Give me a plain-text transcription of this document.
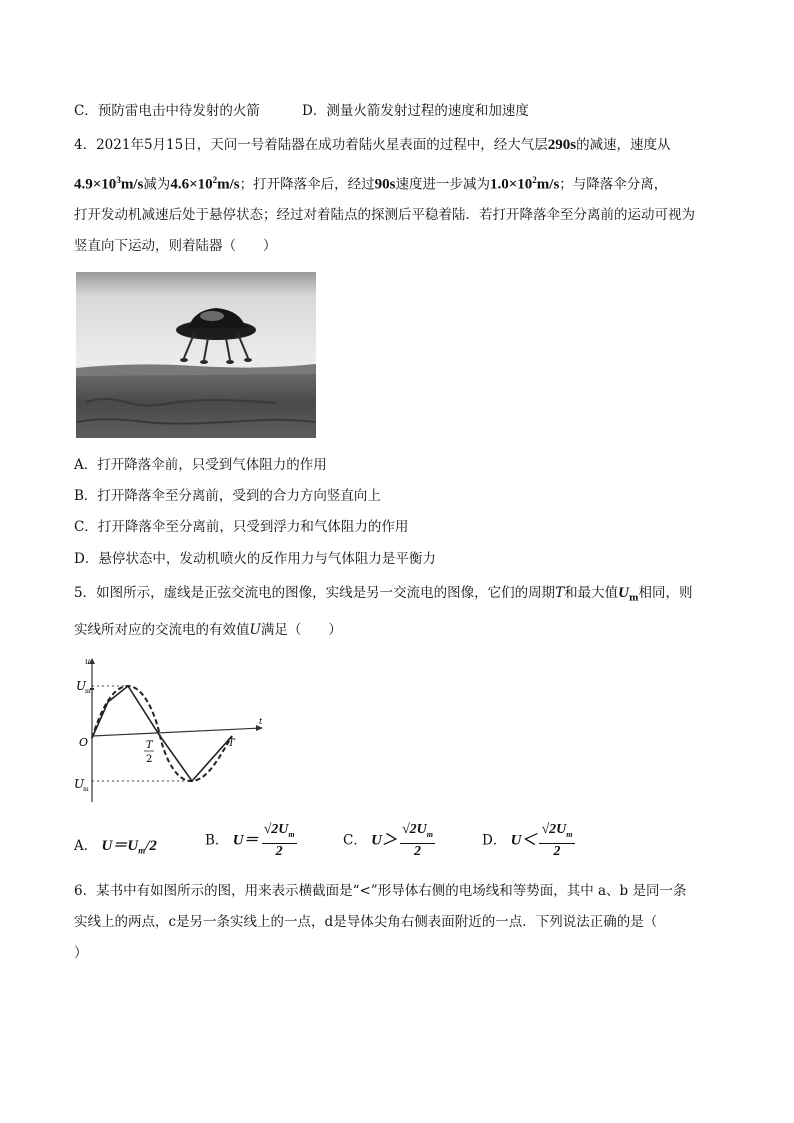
C．预防雷电击中待发射的火箭	D．测量火箭发射过程的速度和加速度
4．2021年5月15日，天问一号着陆器在成功着陆火星表面的过程中，经大气层290s的减速，速度从
$4.9\times 10^3m/s$减为$4.6\times 10^2m/s$；打开降落伞后，经过90s速度进一步减为$1.0\times 10^2m/s$；与降落伞分离，
打开发动机减速后处于悬停状态；经过对着陆点的探测后平稳着陆．若打开降落伞至分离前的运动可视为
竖直向下运动，则着陆器（　　）
A．打开降落伞前，只受到气体阻力的作用
B．打开降落伞至分离前，受到的合力方向竖直向上
C．打开降落伞至分离前，只受到浮力和气体阻力的作用
D．悬停状态中，发动机喷火的反作用力与气体阻力是平衡力
5．如图所示，虚线是正弦交流电的图像，实线是另一交流电的图像，它们的周期T和最大值$U_m$相同，则
实线所对应的交流电的有效值U满足（　　）
u
t
U
m
O
U
m
T
2
T
A． $U=U_m/2$	B． $U= \frac{√2U_m}{2}$	C． $U> \frac{√2U_m}{2}$	D． $U< \frac{√2U_m}{2}$
6．某书中有如图所示的图，用来表示横截面是“<”形导体右侧的电场线和等势面，其中 a、b 是同一条
实线上的两点，c是另一条实线上的一点，d是导体尖角右侧表面附近的一点．下列说法正确的是（
）
